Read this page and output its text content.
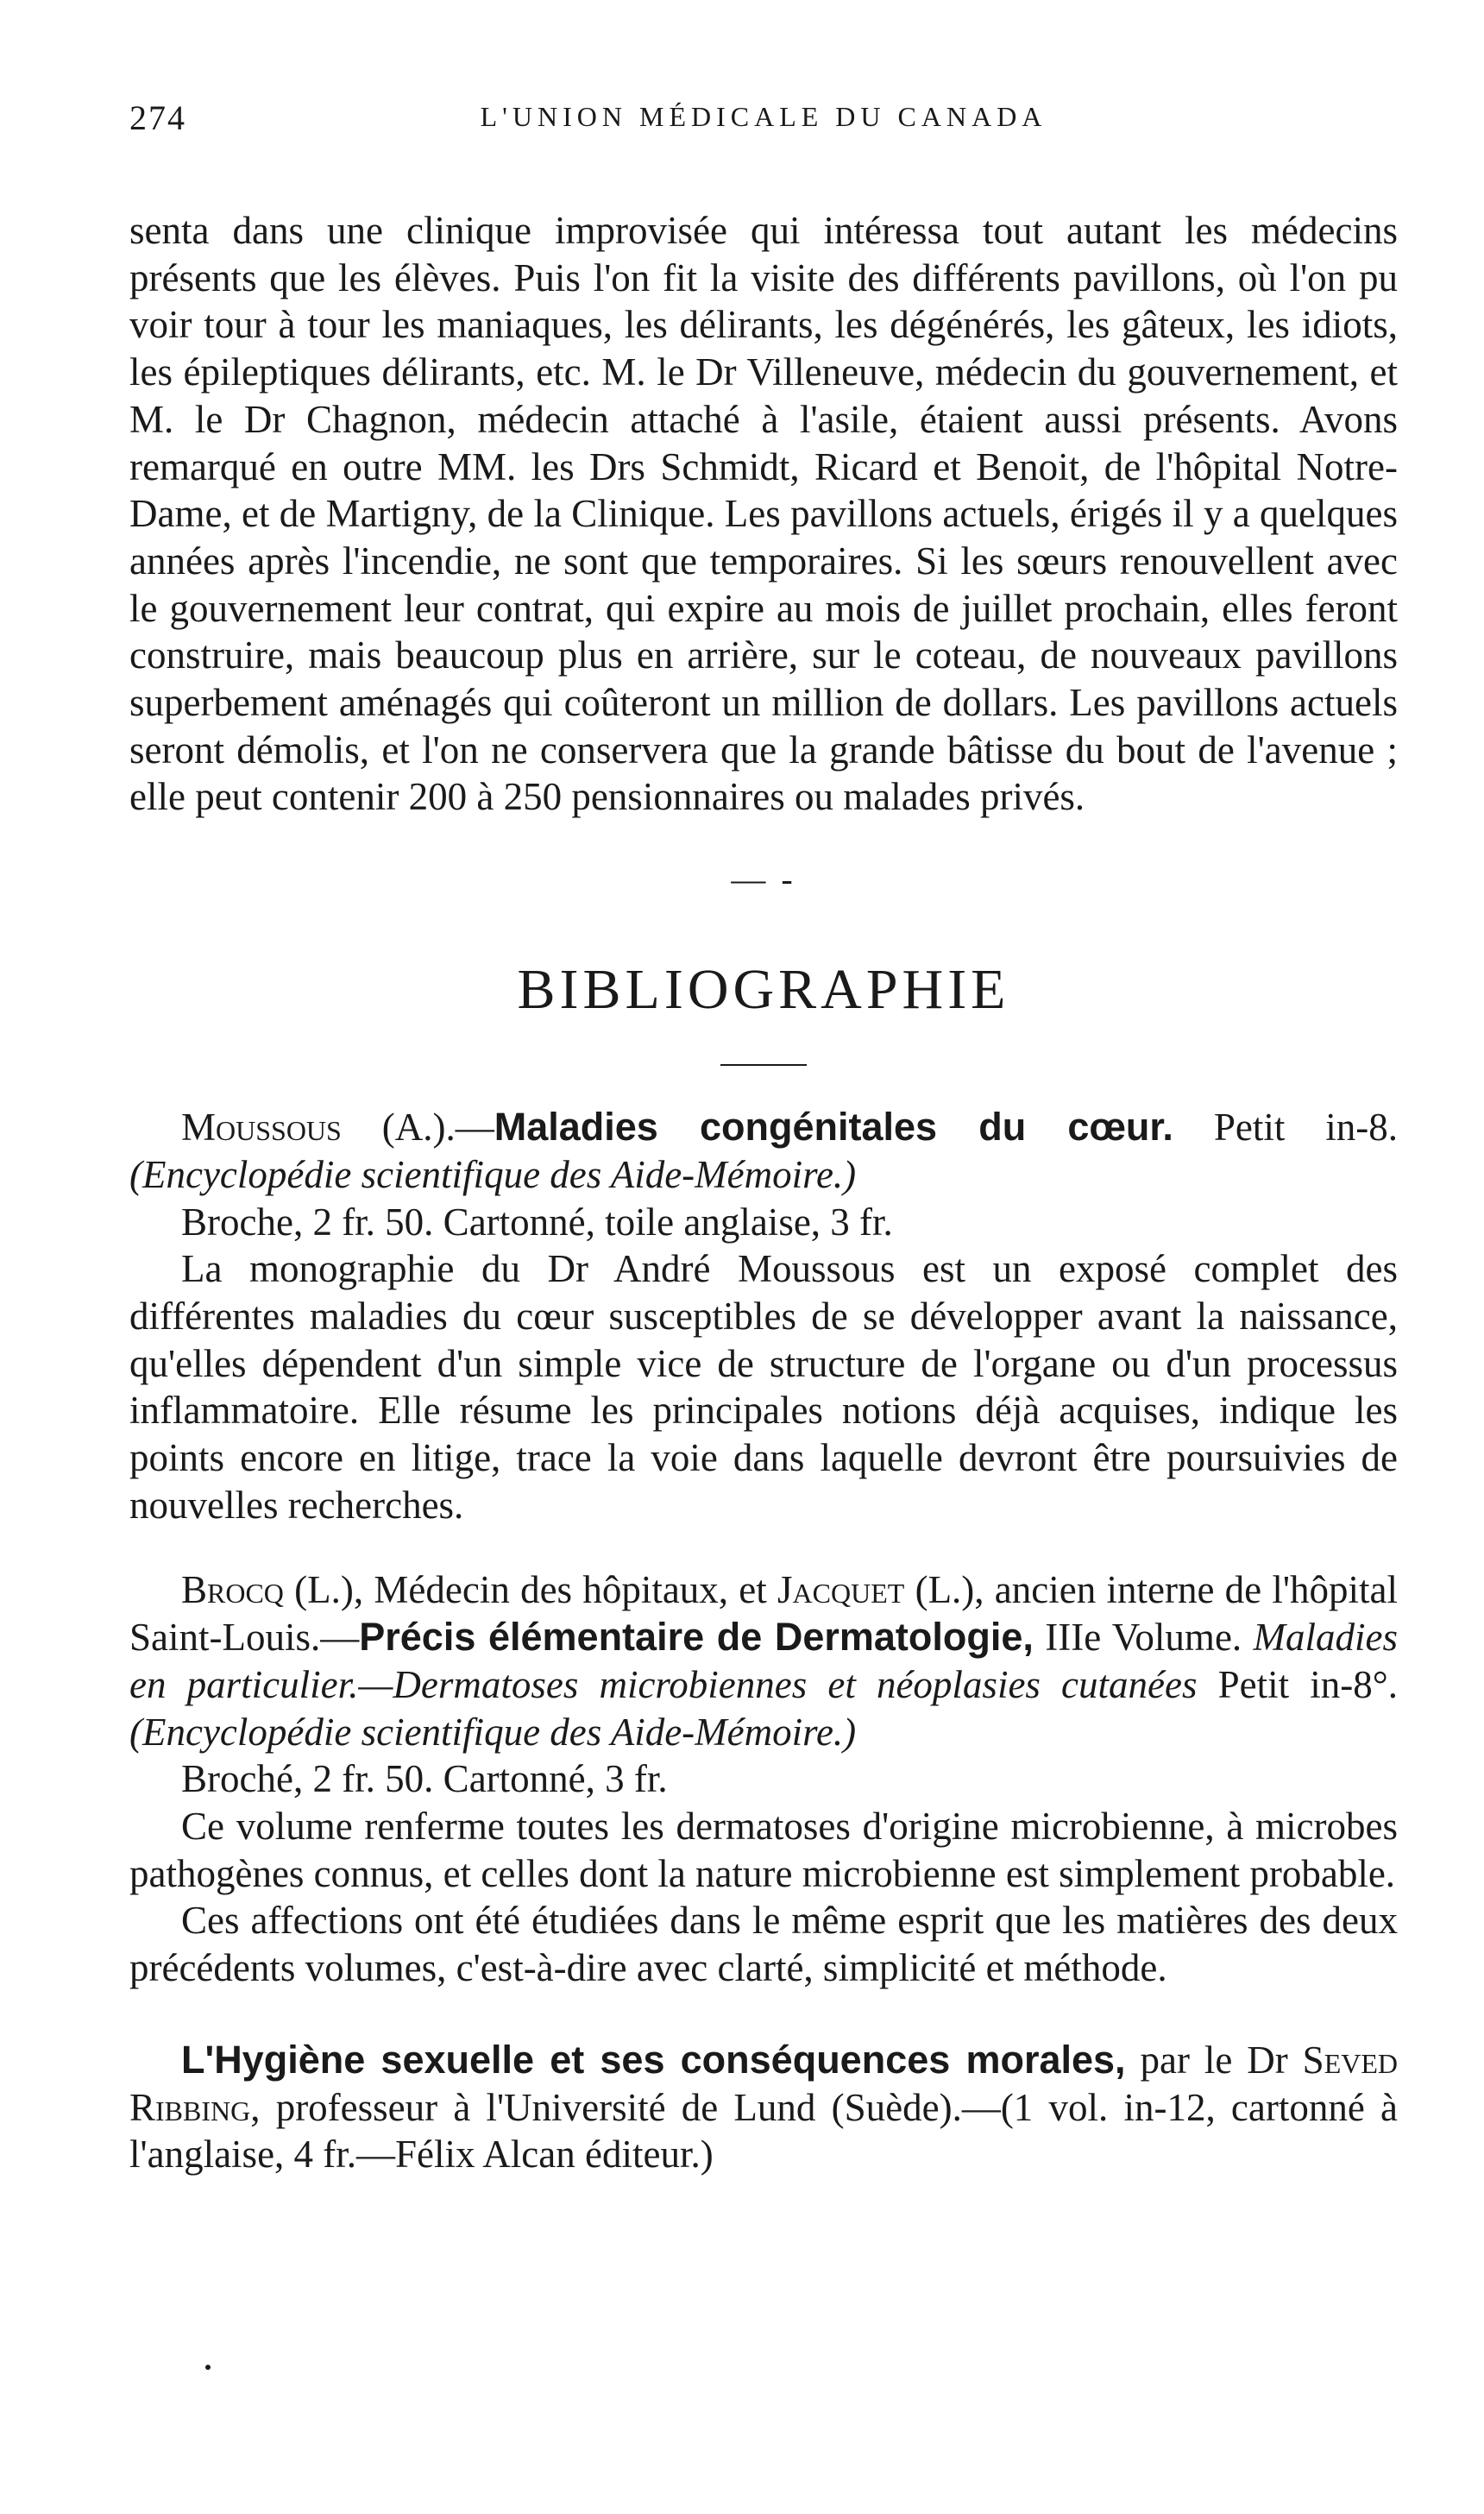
274	L'UNION MÉDICALE DU CANADA

senta dans une clinique improvisée qui intéressa tout autant les médecins présents que les élèves. Puis l'on fit la visite des différents pavillons, où l'on pu voir tour à tour les maniaques, les délirants, les dégénérés, les gâteux, les idiots, les épileptiques délirants, etc. M. le Dr Villeneuve, médecin du gouvernement, et M. le Dr Chagnon, médecin attaché à l'asile, étaient aussi présents. Avons remarqué en outre MM. les Drs Schmidt, Ricard et Benoit, de l'hôpital Notre-Dame, et de Martigny, de la Clinique. Les pavillons actuels, érigés il y a quelques années après l'incendie, ne sont que temporaires. Si les sœurs renouvellent avec le gouvernement leur contrat, qui expire au mois de juillet prochain, elles feront construire, mais beaucoup plus en arrière, sur le coteau, de nouveaux pavillons superbement aménagés qui coûteront un million de dollars. Les pavillons actuels seront démolis, et l'on ne conservera que la grande bâtisse du bout de l'avenue ; elle peut contenir 200 à 250 pensionnaires ou malades privés.

— -
BIBLIOGRAPHIE

Moussous (A.).—Maladies congénitales du cœur. Petit in-8. (Encyclopédie scientifique des Aide-Mémoire.)

Broche, 2 fr. 50. Cartonné, toile anglaise, 3 fr.

La monographie du Dr André Moussous est un exposé complet des différentes maladies du cœur susceptibles de se développer avant la naissance, qu'elles dépendent d'un simple vice de structure de l'organe ou d'un processus inflammatoire. Elle résume les principales notions déjà acquises, indique les points encore en litige, trace la voie dans laquelle devront être poursuivies de nouvelles recherches.

Brocq (L.), Médecin des hôpitaux, et Jacquet (L.), ancien interne de l'hôpital Saint-Louis.—Précis élémentaire de Dermatologie, IIIe Volume. Maladies en particulier.—Dermatoses microbiennes et néoplasies cutanées Petit in-8°. (Encyclopédie scientifique des Aide-Mémoire.)

Broché, 2 fr. 50. Cartonné, 3 fr.

Ce volume renferme toutes les dermatoses d'origine microbienne, à microbes pathogènes connus, et celles dont la nature microbienne est simplement probable.

Ces affections ont été étudiées dans le même esprit que les matières des deux précédents volumes, c'est-à-dire avec clarté, simplicité et méthode.

L'Hygiène sexuelle et ses conséquences morales, par le Dr Seved Ribbing, professeur à l'Université de Lund (Suède).—(1 vol. in-12, cartonné à l'anglaise, 4 fr.—Félix Alcan éditeur.)
